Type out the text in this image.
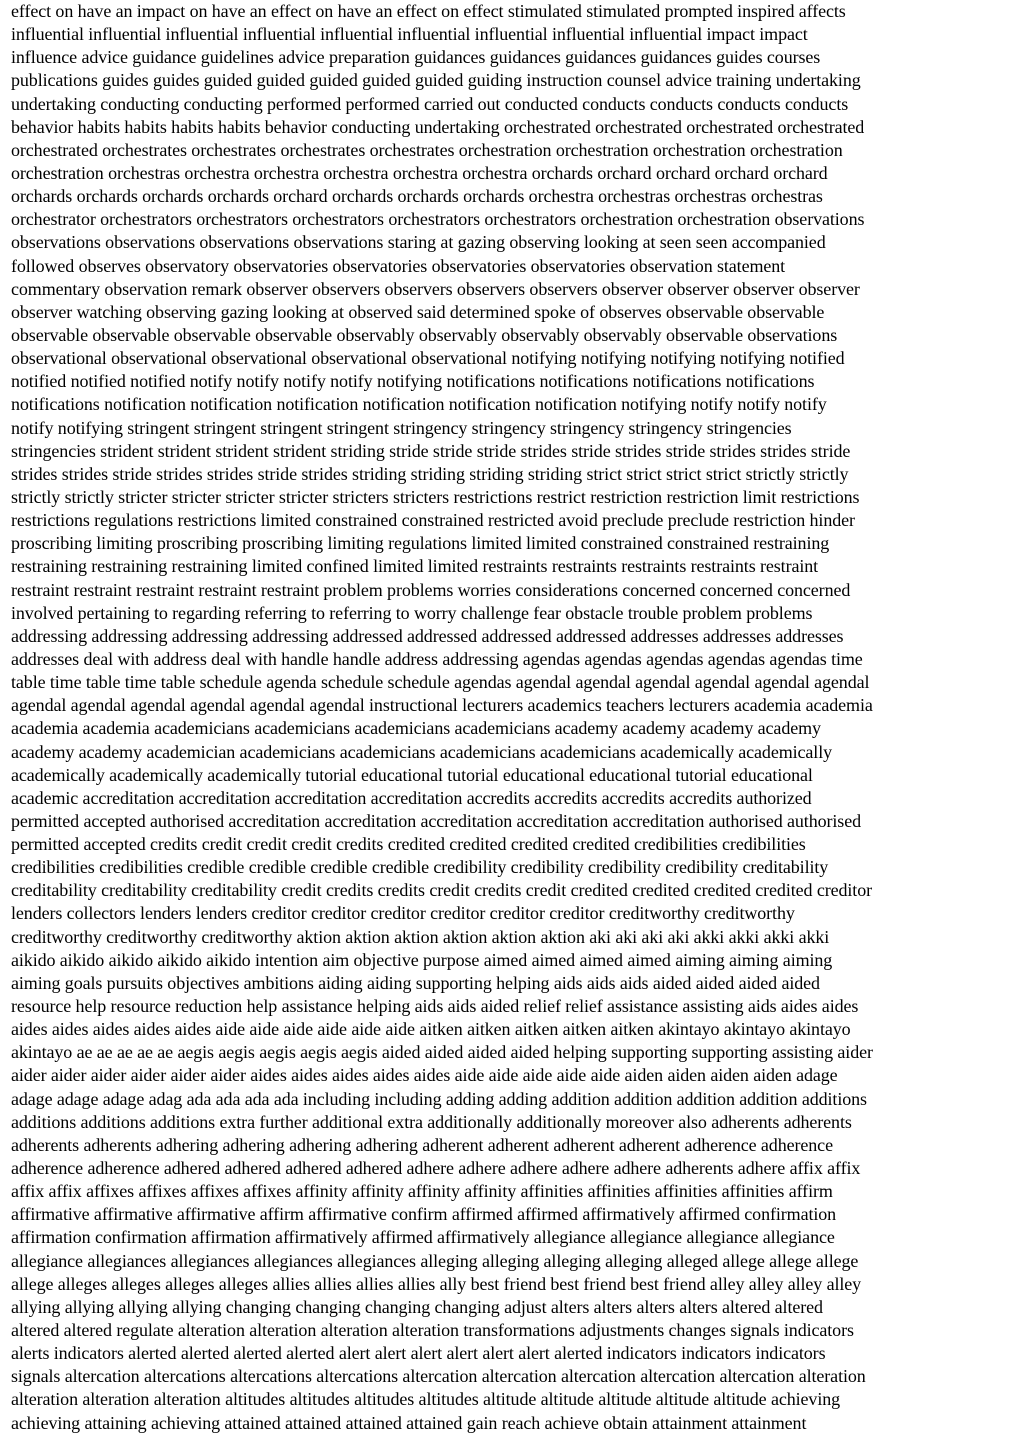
effect on have an impact on have an effect on have an effect on effect stimulated stimulated prompted inspired affects
influential influential influential influential influential influential influential influential influential impact impact
influence advice guidance guidelines advice preparation guidances guidances guidances guidances guides courses
publications guides guides guided guided guided guided guided guiding instruction counsel advice training undertaking
undertaking conducting conducting performed performed carried out conducted conducts conducts conducts conducts
behavior habits habits habits habits behavior conducting undertaking orchestrated orchestrated orchestrated orchestrated
orchestrated orchestrates orchestrates orchestrates orchestrates orchestration orchestration orchestration orchestration
orchestration orchestras orchestra orchestra orchestra orchestra orchestra orchards orchard orchard orchard orchard
orchards orchards orchards orchards orchard orchards orchards orchards orchestra orchestras orchestras orchestras
orchestrator orchestrators orchestrators orchestrators orchestrators orchestrators orchestration orchestration observations
observations observations observations observations staring at gazing observing looking at seen seen accompanied
followed observes observatory observatories observatories observatories observatories observation statement
commentary observation remark observer observers observers observers observers observer observer observer observer
observer watching observing gazing looking at observed said determined spoke of observes observable observable
observable observable observable observable observably observably observably observably observable observations
observational observational observational observational observational notifying notifying notifying notifying notified
notified notified notified notify notify notify notify notifying notifications notifications notifications notifications
notifications notification notification notification notification notification notification notifying notify notify notify
notify notifying stringent stringent stringent stringent stringency stringency stringency stringency stringencies
stringencies strident strident strident strident striding stride stride stride strides stride strides stride strides strides stride
strides strides stride strides strides stride strides striding striding striding striding strict strict strict strict strictly strictly
strictly strictly stricter stricter stricter stricter stricters stricters restrictions restrict restriction restriction limit restrictions
restrictions regulations restrictions limited constrained constrained restricted avoid preclude preclude restriction hinder
proscribing limiting proscribing proscribing limiting regulations limited limited constrained constrained restraining
restraining restraining restraining limited confined limited limited restraints restraints restraints restraints restraint
restraint restraint restraint restraint restraint problem problems worries considerations concerned concerned concerned
involved pertaining to regarding referring to referring to worry challenge fear obstacle trouble problem problems
addressing addressing addressing addressing addressed addressed addressed addressed addresses addresses addresses
addresses deal with address deal with handle handle address addressing agendas agendas agendas agendas agendas time
table time table time table schedule agenda schedule schedule agendas agendal agendal agendal agendal agendal agendal
agendal agendal agendal agendal agendal agendal instructional lecturers academics teachers lecturers academia academia
academia academia academicians academicians academicians academicians academy academy academy academy
academy academy academician academicians academicians academicians academicians academically academically
academically academically academically tutorial educational tutorial educational educational tutorial educational
academic accreditation accreditation accreditation accreditation accredits accredits accredits accredits authorized
permitted accepted authorised accreditation accreditation accreditation accreditation accreditation authorised authorised
permitted accepted credits credit credit credit credits credited credited credited credited credibilities credibilities
credibilities credibilities credible credible credible credible credibility credibility credibility credibility creditability
creditability creditability creditability credit credits credits credit credits credit credited credited credited credited creditor
lenders collectors lenders lenders creditor creditor creditor creditor creditor creditor creditworthy creditworthy
creditworthy creditworthy creditworthy aktion aktion aktion aktion aktion aktion aki aki aki aki akki akki akki akki
aikido aikido aikido aikido aikido intention aim objective purpose aimed aimed aimed aimed aiming aiming aiming
aiming goals pursuits objectives ambitions aiding aiding supporting helping aids aids aids aided aided aided aided
resource help resource reduction help assistance helping aids aids aided relief relief assistance assisting aids aides aides
aides aides aides aides aides aide aide aide aide aide aide aitken aitken aitken aitken aitken akintayo akintayo akintayo
akintayo ae ae ae ae ae aegis aegis aegis aegis aegis aided aided aided aided helping supporting supporting assisting aider
aider aider aider aider aider aider aides aides aides aides aides aide aide aide aide aide aiden aiden aiden aiden adage
adage adage adage adag ada ada ada ada including including adding adding addition addition addition addition additions
additions additions additions extra further additional extra additionally additionally moreover also adherents adherents
adherents adherents adhering adhering adhering adhering adherent adherent adherent adherent adherence adherence
adherence adherence adhered adhered adhered adhered adhere adhere adhere adhere adhere adherents adhere affix affix
affix affix affixes affixes affixes affixes affinity affinity affinity affinity affinities affinities affinities affinities affirm
affirmative affirmative affirmative affirm affirmative confirm affirmed affirmed affirmatively affirmed confirmation
affirmation confirmation affirmation affirmatively affirmed affirmatively allegiance allegiance allegiance allegiance
allegiance allegiances allegiances allegiances allegiances alleging alleging alleging alleging alleged allege allege allege
allege alleges alleges alleges alleges allies allies allies allies ally best friend best friend best friend alley alley alley alley
allying allying allying allying changing changing changing changing adjust alters alters alters alters altered altered
altered altered regulate alteration alteration alteration alteration transformations adjustments changes signals indicators
alerts indicators alerted alerted alerted alerted alert alert alert alert alert alert alerted indicators indicators indicators
signals altercation altercations altercations altercations altercation altercation altercation altercation altercation alteration
alteration alteration alteration altitudes altitudes altitudes altitudes altitude altitude altitude altitude altitude achieving
achieving attaining achieving attained attained attained attained gain reach achieve obtain attainment attainment
